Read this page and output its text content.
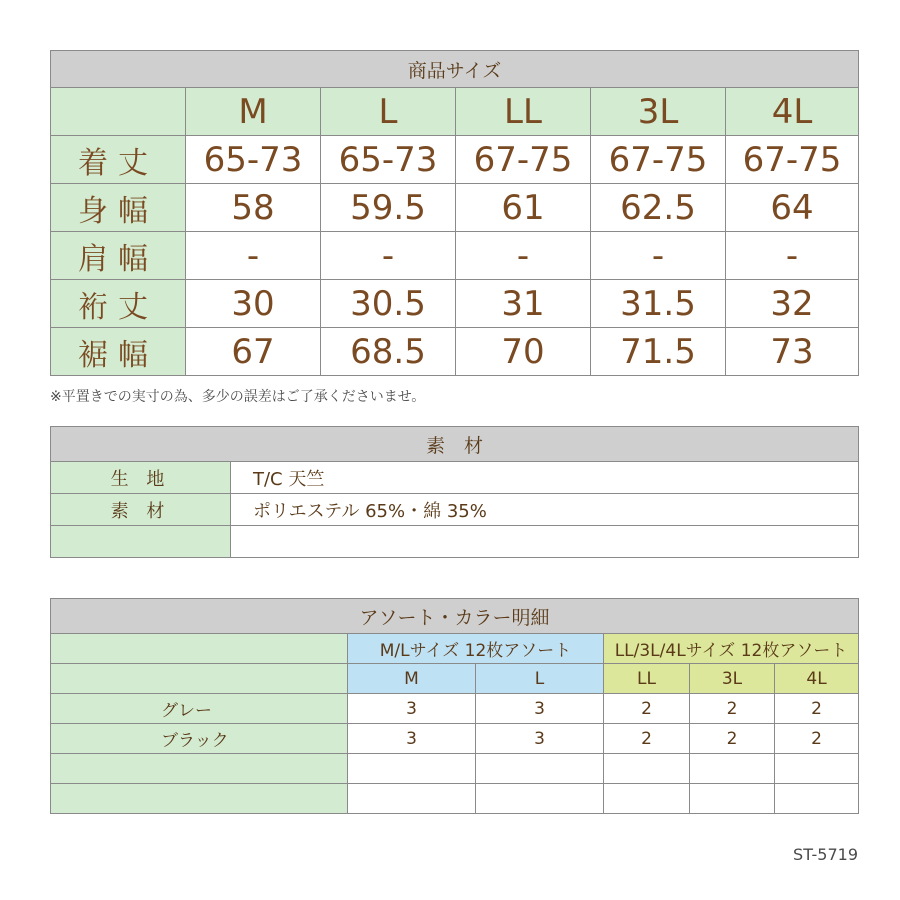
商品サイズ					
	M	L	LL	3L	4L
着丈	65-73	65-73	67-75	67-75	67-75
身幅	58	59.5	61	62.5	64
肩幅	-	-	-	-	-
裄丈	30	30.5	31	31.5	32
裾幅	67	68.5	70	71.5	73
※平置きでの実寸の為、多少の誤差はご了承くださいませ。
素　材	
生 地	T/C 天竺
素 材	ポリエステル 65%・綿 35%

アソート・カラー明細					
	M/Lサイズ 12枚アソート		LL/3L/4Lサイズ 12枚アソート		
	M	L	LL	3L	4L
グレー	3	3	2	2	2
ブラック	3	3	2	2	2

ST-5719
